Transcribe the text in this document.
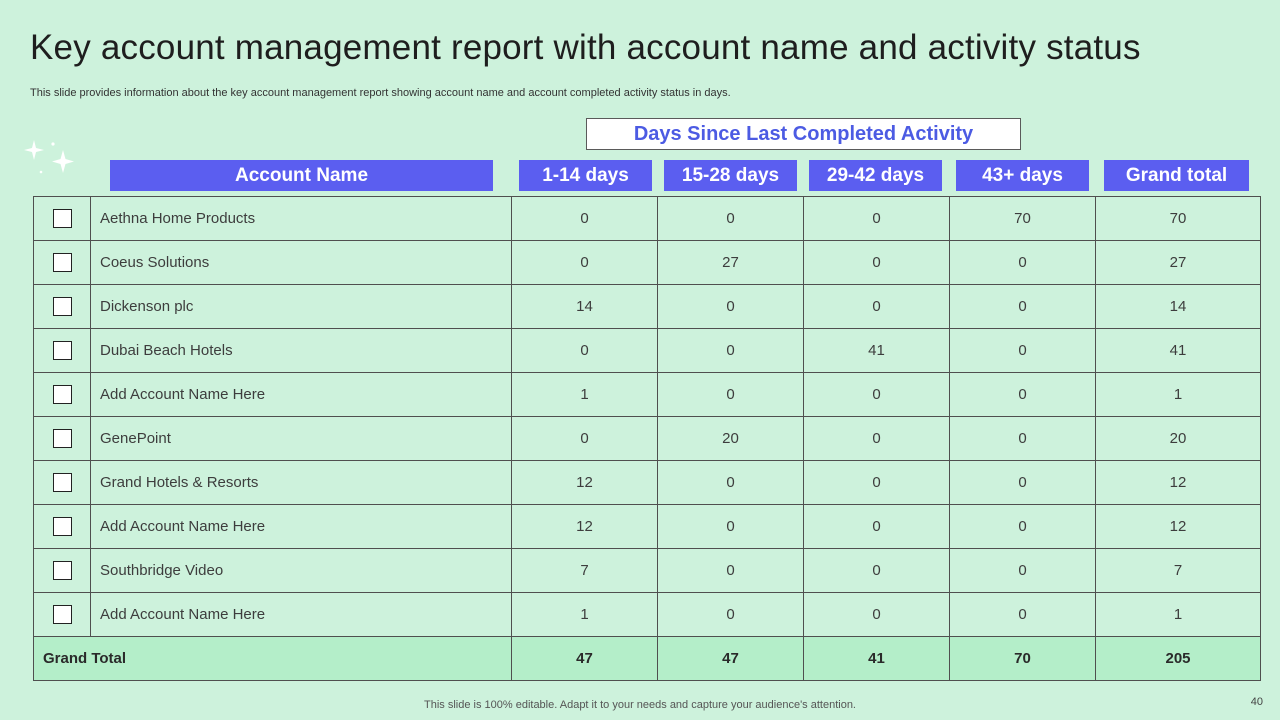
Key account management report with account name and activity status

This slide provides information about the key account management report showing account name and account completed activity status in days.

Days Since Last Completed Activity
Account Name	1-14 days	15-28 days	29-42 days	43+ days	Grand total
	Aethna Home Products	0	0	0	70	70
	Coeus Solutions	0	27	0	0	27
	Dickenson plc	14	0	0	0	14
	Dubai Beach Hotels	0	0	41	0	41
	Add Account Name Here	1	0	0	0	1
	GenePoint	0	20	0	0	20
	Grand Hotels & Resorts	12	0	0	0	12
	Add Account Name Here	12	0	0	0	12
	Southbridge Video	7	0	0	0	7
	Add Account Name Here	1	0	0	0	1
Grand Total		47	47	41	70	205
This slide is 100% editable. Adapt it to your needs and capture your audience's attention.	40
